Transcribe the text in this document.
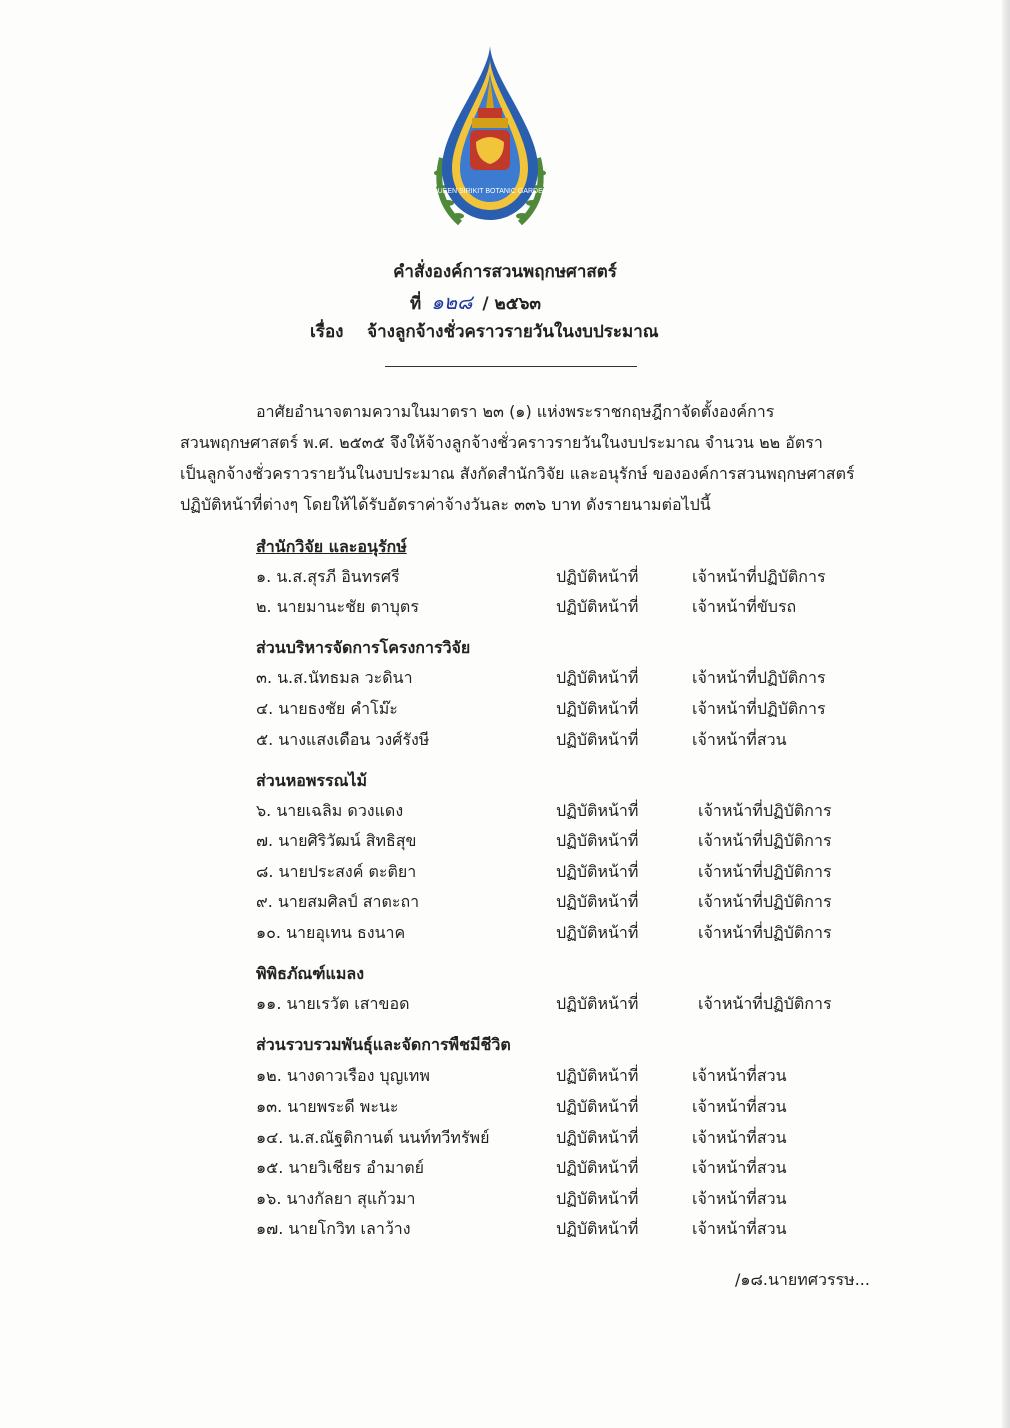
QUEEN SIRIKIT BOTANIC GARDEN
คำสั่งองค์การสวนพฤกษศาสตร์
ที่ ๑๒๘ / ๒๕๖๓
เรื่อง จ้างลูกจ้างชั่วคราวรายวันในงบประมาณ
อาศัยอำนาจตามความในมาตรา ๒๓ (๑) แห่งพระราชกฤษฎีกาจัดตั้งองค์การ
สวนพฤกษศาสตร์ พ.ศ. ๒๕๓๕ จึงให้จ้างลูกจ้างชั่วคราวรายวันในงบประมาณ จำนวน ๒๒ อัตรา
เป็นลูกจ้างชั่วคราวรายวันในงบประมาณ สังกัดสำนักวิจัย และอนุรักษ์ ขององค์การสวนพฤกษศาสตร์
ปฏิบัติหน้าที่ต่างๆ โดยให้ได้รับอัตราค่าจ้างวันละ ๓๓๖ บาท ดังรายนามต่อไปนี้
สำนักวิจัย และอนุรักษ์
๑. น.ส.สุรภี อินทรศรี	ปฏิบัติหน้าที่	เจ้าหน้าที่ปฏิบัติการ
๒. นายมานะชัย ตาบุตร	ปฏิบัติหน้าที่	เจ้าหน้าที่ขับรถ
ส่วนบริหารจัดการโครงการวิจัย
๓. น.ส.นัทธมล วะดินา	ปฏิบัติหน้าที่	เจ้าหน้าที่ปฏิบัติการ
๔. นายธงชัย คำโม๊ะ	ปฏิบัติหน้าที่	เจ้าหน้าที่ปฏิบัติการ
๕. นางแสงเดือน วงศ์รังษี	ปฏิบัติหน้าที่	เจ้าหน้าที่สวน
ส่วนหอพรรณไม้
๖. นายเฉลิม ดวงแดง	ปฏิบัติหน้าที่	เจ้าหน้าที่ปฏิบัติการ
๗. นายศิริวัฒน์ สิทธิสุข	ปฏิบัติหน้าที่	เจ้าหน้าที่ปฏิบัติการ
๘. นายประสงค์ ตะติยา	ปฏิบัติหน้าที่	เจ้าหน้าที่ปฏิบัติการ
๙. นายสมศิลป์ สาตะถา	ปฏิบัติหน้าที่	เจ้าหน้าที่ปฏิบัติการ
๑๐. นายอุเทน ธงนาค	ปฏิบัติหน้าที่	เจ้าหน้าที่ปฏิบัติการ
พิพิธภัณฑ์แมลง
๑๑. นายเรวัต เสาขอด	ปฏิบัติหน้าที่	เจ้าหน้าที่ปฏิบัติการ
ส่วนรวบรวมพันธุ์และจัดการพืชมีชีวิต
๑๒. นางดาวเรือง บุญเทพ	ปฏิบัติหน้าที่	เจ้าหน้าที่สวน
๑๓. นายพระดี พะนะ	ปฏิบัติหน้าที่	เจ้าหน้าที่สวน
๑๔. น.ส.ณัฐติกานต์ นนท์ทวีทรัพย์	ปฏิบัติหน้าที่	เจ้าหน้าที่สวน
๑๕. นายวิเชียร อำมาตย์	ปฏิบัติหน้าที่	เจ้าหน้าที่สวน
๑๖. นางกัลยา สุแก้วมา	ปฏิบัติหน้าที่	เจ้าหน้าที่สวน
๑๗. นายโกวิท เลาว้าง	ปฏิบัติหน้าที่	เจ้าหน้าที่สวน
/๑๘.นายทศวรรษ...
